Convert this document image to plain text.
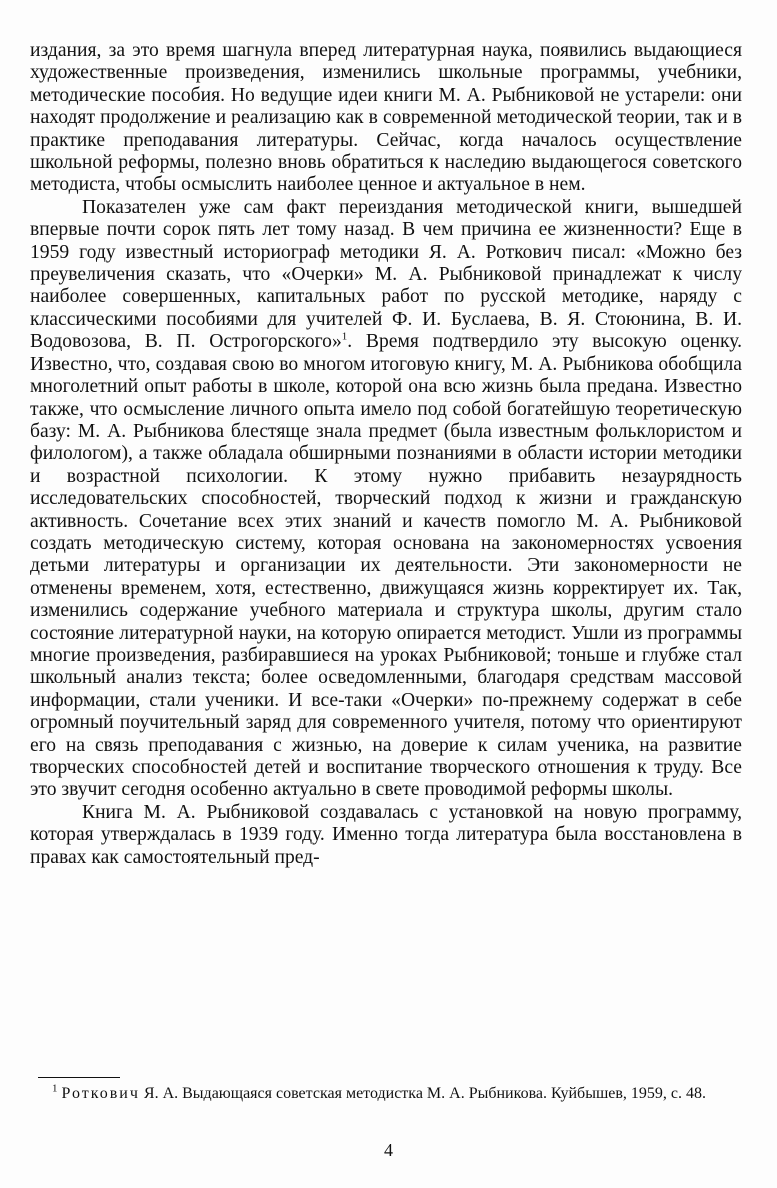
издания, за это время шагнула вперед литературная наука, появились выдающиеся художественные произведения, изменились школьные программы, учебники, методические пособия. Но ведущие идеи книги М. А. Рыбниковой не устарели: они находят продолжение и реализацию как в современной методической теории, так и в практике преподавания литературы. Сейчас, когда началось осуществление школьной реформы, полезно вновь обратиться к наследию выдающегося советского методиста, чтобы осмыслить наиболее ценное и актуальное в нем.

Показателен уже сам факт переиздания методической книги, вышедшей впервые почти сорок пять лет тому назад. В чем причина ее жизненности? Еще в 1959 году известный историограф методики Я. А. Роткович писал: «Можно без преувеличения сказать, что «Очерки» М. А. Рыбниковой принадлежат к числу наиболее совершенных, капитальных работ по русской методике, наряду с классическими пособиями для учителей Ф. И. Буслаева, В. Я. Стоюнина, В. И. Водовозова, В. П. Острогорского»$^1$. Время подтвердило эту высокую оценку. Известно, что, создавая свою во многом итоговую книгу, М. А. Рыбникова обобщила многолетний опыт работы в школе, которой она всю жизнь была предана. Известно также, что осмысление личного опыта имело под собой богатейшую теоретическую базу: М. А. Рыбникова блестяще знала предмет (была известным фольклористом и филологом), а также обладала обширными познаниями в области истории методики и возрастной психологии. К этому нужно прибавить незаурядность исследовательских способностей, творческий подход к жизни и гражданскую активность. Сочетание всех этих знаний и качеств помогло М. А. Рыбниковой создать методическую систему, которая основана на закономерностях усвоения детьми литературы и организации их деятельности. Эти закономерности не отменены временем, хотя, естественно, движущаяся жизнь корректирует их. Так, изменились содержание учебного материала и структура школы, другим стало состояние литературной науки, на которую опирается методист. Ушли из программы многие произведения, разбиравшиеся на уроках Рыбниковой; тоньше и глубже стал школьный анализ текста; более осведомленными, благодаря средствам массовой информации, стали ученики. И все-таки «Очерки» по-прежнему содержат в себе огромный поучительный заряд для современного учителя, потому что ориентируют его на связь преподавания с жизнью, на доверие к силам ученика, на развитие творческих способностей детей и воспитание творческого отношения к труду. Все это звучит сегодня особенно актуально в свете проводимой реформы школы.

Книга М. А. Рыбниковой создавалась с установкой на новую программу, которая утверждалась в 1939 году. Именно тогда литература была восстановлена в правах как самостоятельный пред-

$^1$ Роткович Я. А. Выдающаяся советская методистка М. А. Рыбникова. Куйбышев, 1959, с. 48.
4
